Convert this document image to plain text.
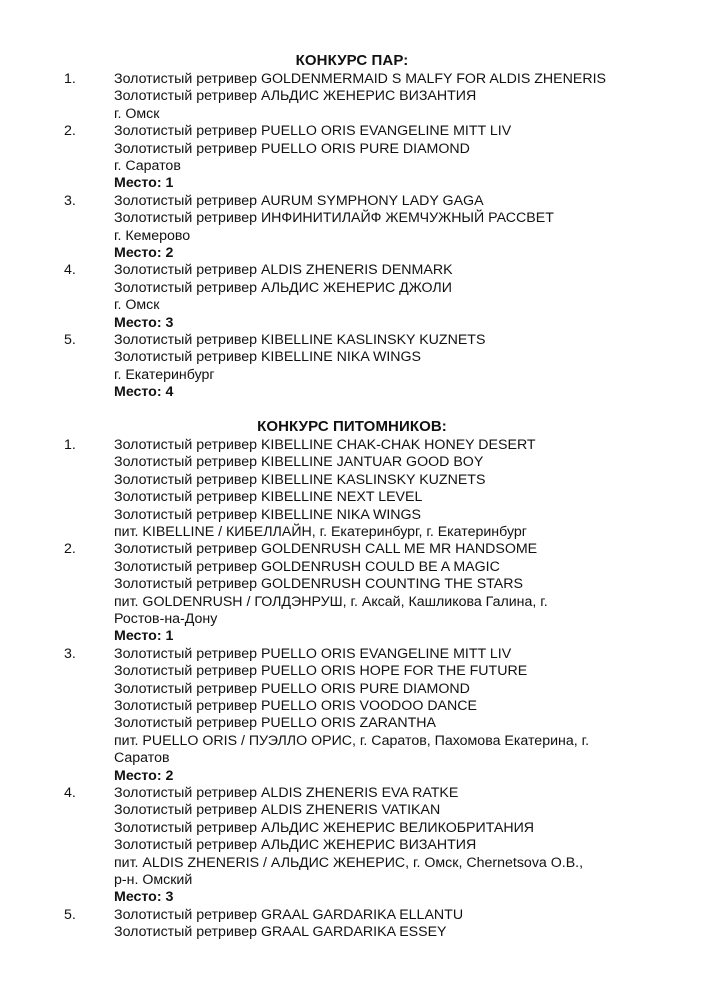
КОНКУРС ПАР:
1.	Золотистый ретривер GOLDENMERMAID S MALFY FOR ALDIS ZHENERIS
Золотистый ретривер АЛЬДИС ЖЕНЕРИС ВИЗАНТИЯ
г. Омск
2.	Золотистый ретривер PUELLO ORIS EVANGELINE MITT LIV
Золотистый ретривер PUELLO ORIS PURE DIAMOND
г. Саратов
Место: 1
3.	Золотистый ретривер AURUM SYMPHONY LADY GAGA
Золотистый ретривер ИНФИНИТИЛАЙФ ЖЕМЧУЖНЫЙ РАССВЕТ
г. Кемерово
Место: 2
4.	Золотистый ретривер ALDIS ZHENERIS DENMARK
Золотистый ретривер АЛЬДИС ЖЕНЕРИС ДЖОЛИ
г. Омск
Место: 3
5.	Золотистый ретривер KIBELLINE KASLINSKY KUZNETS
Золотистый ретривер KIBELLINE NIKA WINGS
г. Екатеринбург
Место: 4
КОНКУРС ПИТОМНИКОВ:
1.	Золотистый ретривер KIBELLINE CHAK-CHAK HONEY DESERT
Золотистый ретривер KIBELLINE JANTUAR GOOD BOY
Золотистый ретривер KIBELLINE KASLINSKY KUZNETS
Золотистый ретривер KIBELLINE NEXT LEVEL
Золотистый ретривер KIBELLINE NIKA WINGS
пит. KIBELLINE / КИБЕЛЛАЙН, г. Екатеринбург, г. Екатеринбург
2.	Золотистый ретривер GOLDENRUSH CALL ME MR HANDSOME
Золотистый ретривер GOLDENRUSH COULD BE A MAGIC
Золотистый ретривер GOLDENRUSH COUNTING THE STARS
пит. GOLDENRUSH / ГОЛДЭНРУШ, г. Аксай, Кашликова Галина, г.
Ростов-на-Дону
Место: 1
3.	Золотистый ретривер PUELLO ORIS EVANGELINE MITT LIV
Золотистый ретривер PUELLO ORIS HOPE FOR THE FUTURE
Золотистый ретривер PUELLO ORIS PURE DIAMOND
Золотистый ретривер PUELLO ORIS VOODOO DANCE
Золотистый ретривер PUELLO ORIS ZARANTHA
пит. PUELLO ORIS / ПУЭЛЛО ОРИС, г. Саратов, Пахомова Екатерина, г.
Саратов
Место: 2
4.	Золотистый ретривер ALDIS ZHENERIS EVA RATKE
Золотистый ретривер ALDIS ZHENERIS VATIKAN
Золотистый ретривер АЛЬДИС ЖЕНЕРИС ВЕЛИКОБРИТАНИЯ
Золотистый ретривер АЛЬДИС ЖЕНЕРИС ВИЗАНТИЯ
пит. ALDIS ZHENERIS / АЛЬДИС ЖЕНЕРИС, г. Омск, Chernetsova О.В.,
р-н. Омский
Место: 3
5.	Золотистый ретривер GRAAL GARDARIKA ELLANTU
Золотистый ретривер GRAAL GARDARIKA ESSEY
